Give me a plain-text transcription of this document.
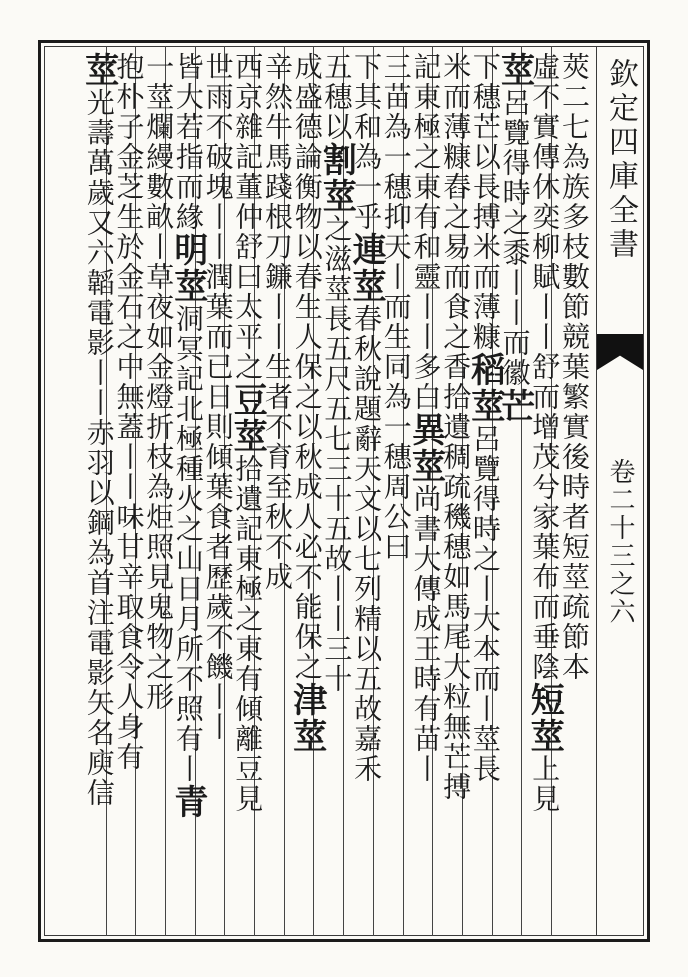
欽定四庫全書
卷二十三之六
莢二七為族多枝數節競葉繁實後時者短莖疏節本
虛不實傳休奕柳賦丨丨舒而增茂兮家葉布而垂陰短莖上見
莖呂覽得時之黍丨丨而徽芒
下穗芒以長搏米而薄糠稻莖呂覽得時之丨大本而丨莖長
米而薄糠舂之易而食之香拾遺稠疏穖穗如馬尾大粒無芒搏
記東極之東有和靈丨丨多白異莖尚書大傳成王時有苗丨
三苗為一穗抑天丨而生同為一穗周公曰
下其和為一乎連莖春秋說題辭天文以七列精以五故嘉禾
五穗以割莖之滋莖長五尺五七三十五故丨丨三十
成盛德論衡物以春生人保之以秋成人必不能保之津莖
辛然牛馬踐根刀鐮丨丨生者不育至秋不成
西京雜記董仲舒曰太平之豆莖拾遺記東極之東有傾離豆見
世雨不破塊丨丨潤葉而已日則傾葉食者歷歲不饑丨丨
皆大若指而緣明莖洞冥記北極種火之山日月所不照有丨青
一莖爛縵數畝丨草夜如金燈折枝為炬照見鬼物之形
抱朴子金芝生於金石之中無蓋丨丨味甘辛取食令人身有
莖光壽萬歲又六韜電影丨丨赤羽以鋼為首注電影矢名庾信
